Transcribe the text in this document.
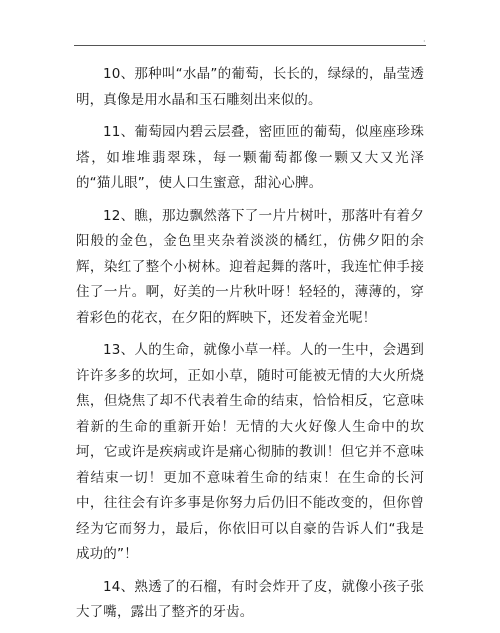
·

10、那种叫“水晶”的葡萄，长长的，绿绿的，晶莹透明，真像是用水晶和玉石雕刻出来似的。

11、葡萄园内碧云层叠，密匝匝的葡萄，似座座珍珠塔，如堆堆翡翠珠，每一颗葡萄都像一颗又大又光泽的“猫儿眼”，使人口生蜜意，甜沁心脾。

12、瞧，那边飘然落下了一片片树叶，那落叶有着夕阳般的金色，金色里夹杂着淡淡的橘红，仿佛夕阳的余辉，染红了整个小树林。迎着起舞的落叶，我连忙伸手接住了一片。啊，好美的一片秋叶呀！轻轻的，薄薄的，穿着彩色的花衣，在夕阳的辉映下，还发着金光呢！

13、人的生命，就像小草一样。人的一生中，会遇到许许多多的坎坷，正如小草，随时可能被无情的大火所烧焦，但烧焦了却不代表着生命的结束，恰恰相反，它意味着新的生命的重新开始！无情的大火好像人生命中的坎坷，它或许是疾病或许是痛心彻肺的教训！但它并不意味着结束一切！更加不意味着生命的结束！在生命的长河中，往往会有许多事是你努力后仍旧不能改变的，但你曾经为它而努力，最后，你依旧可以自豪的告诉人们“我是成功的”！

14、熟透了的石榴，有时会炸开了皮，就像小孩子张大了嘴，露出了整齐的牙齿。
